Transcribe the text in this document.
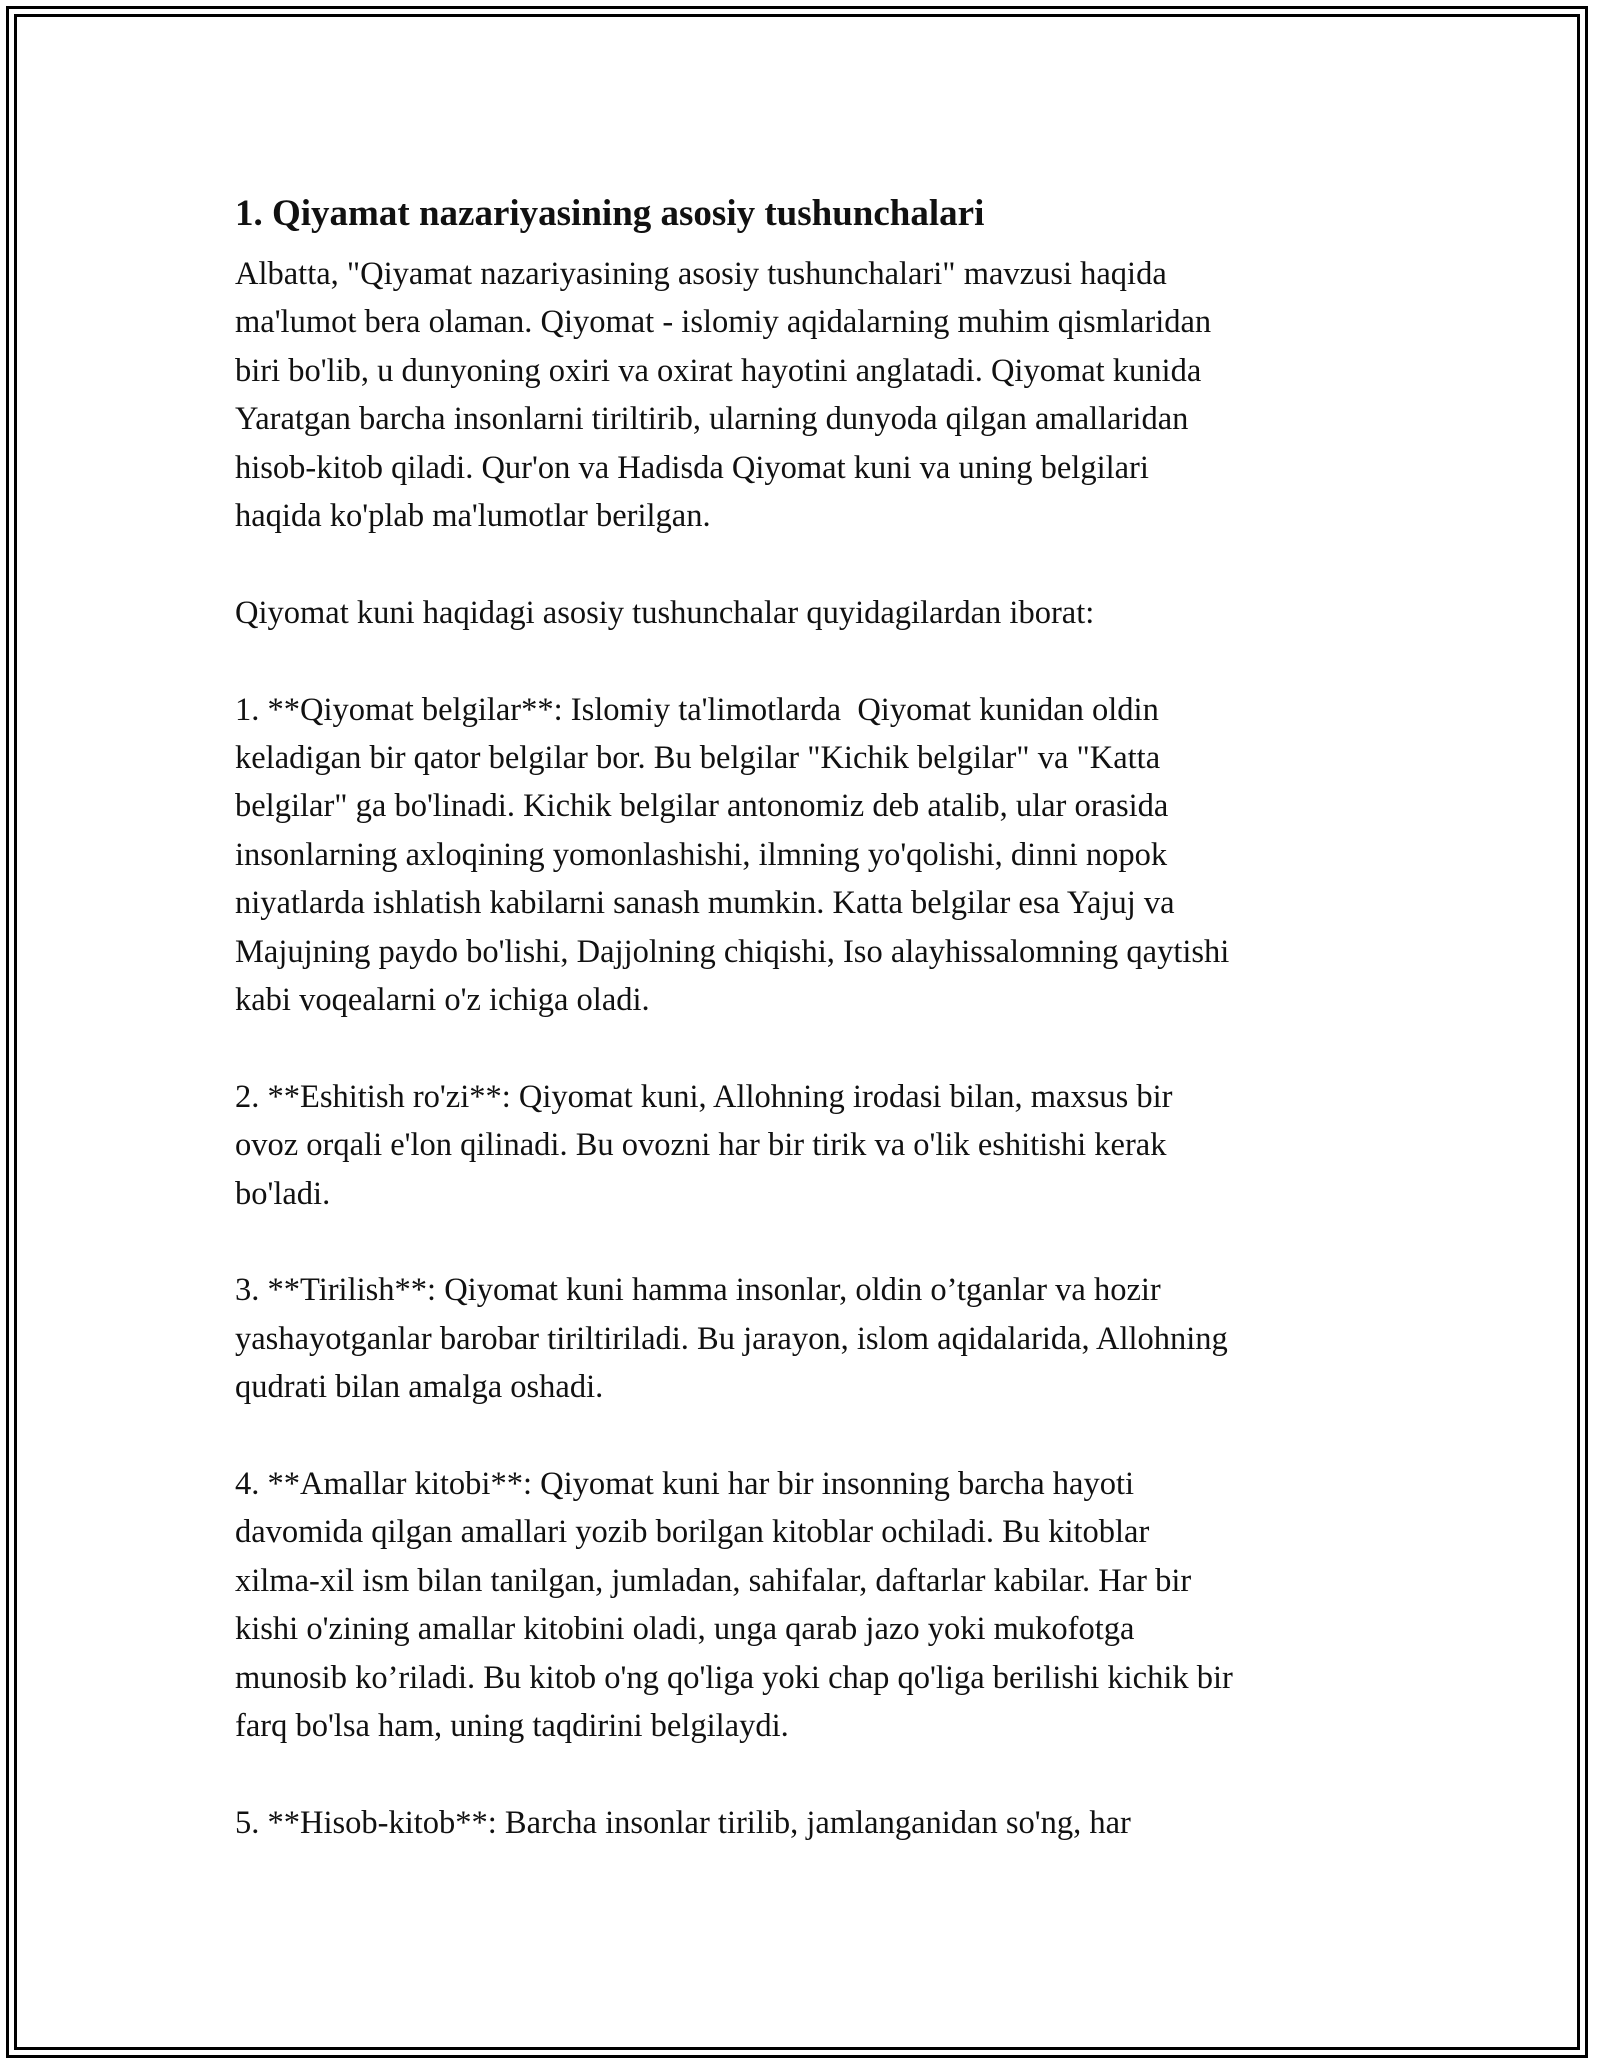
1. Qiyamat nazariyasining asosiy tushunchalari
Albatta, "Qiyamat nazariyasining asosiy tushunchalari" mavzusi haqida
ma'lumot bera olaman. Qiyomat - islomiy aqidalarning muhim qismlaridan
biri bo'lib, u dunyoning oxiri va oxirat hayotini anglatadi. Qiyomat kunida
Yaratgan barcha insonlarni tiriltirib, ularning dunyoda qilgan amallaridan
hisob-kitob qiladi. Qur'on va Hadisda Qiyomat kuni va uning belgilari
haqida ko'plab ma'lumotlar berilgan.
Qiyomat kuni haqidagi asosiy tushunchalar quyidagilardan iborat:
1. **Qiyomat belgilar**: Islomiy ta'limotlarda  Qiyomat kunidan oldin
keladigan bir qator belgilar bor. Bu belgilar "Kichik belgilar" va "Katta
belgilar" ga bo'linadi. Kichik belgilar antonomiz deb atalib, ular orasida
insonlarning axloqining yomonlashishi, ilmning yo'qolishi, dinni nopok
niyatlarda ishlatish kabilarni sanash mumkin. Katta belgilar esa Yajuj va
Majujning paydo bo'lishi, Dajjolning chiqishi, Iso alayhissalomning qaytishi
kabi voqealarni o'z ichiga oladi.
2. **Eshitish ro'zi**: Qiyomat kuni, Allohning irodasi bilan, maxsus bir
ovoz orqali e'lon qilinadi. Bu ovozni har bir tirik va o'lik eshitishi kerak
bo'ladi.
3. **Tirilish**: Qiyomat kuni hamma insonlar, oldin o’tganlar va hozir
yashayotganlar barobar tiriltiriladi. Bu jarayon, islom aqidalarida, Allohning
qudrati bilan amalga oshadi.
4. **Amallar kitobi**: Qiyomat kuni har bir insonning barcha hayoti
davomida qilgan amallari yozib borilgan kitoblar ochiladi. Bu kitoblar
xilma-xil ism bilan tanilgan, jumladan, sahifalar, daftarlar kabilar. Har bir
kishi o'zining amallar kitobini oladi, unga qarab jazo yoki mukofotga
munosib ko’riladi. Bu kitob o'ng qo'liga yoki chap qo'liga berilishi kichik bir
farq bo'lsa ham, uning taqdirini belgilaydi.
5. **Hisob-kitob**: Barcha insonlar tirilib, jamlanganidan so'ng, har
